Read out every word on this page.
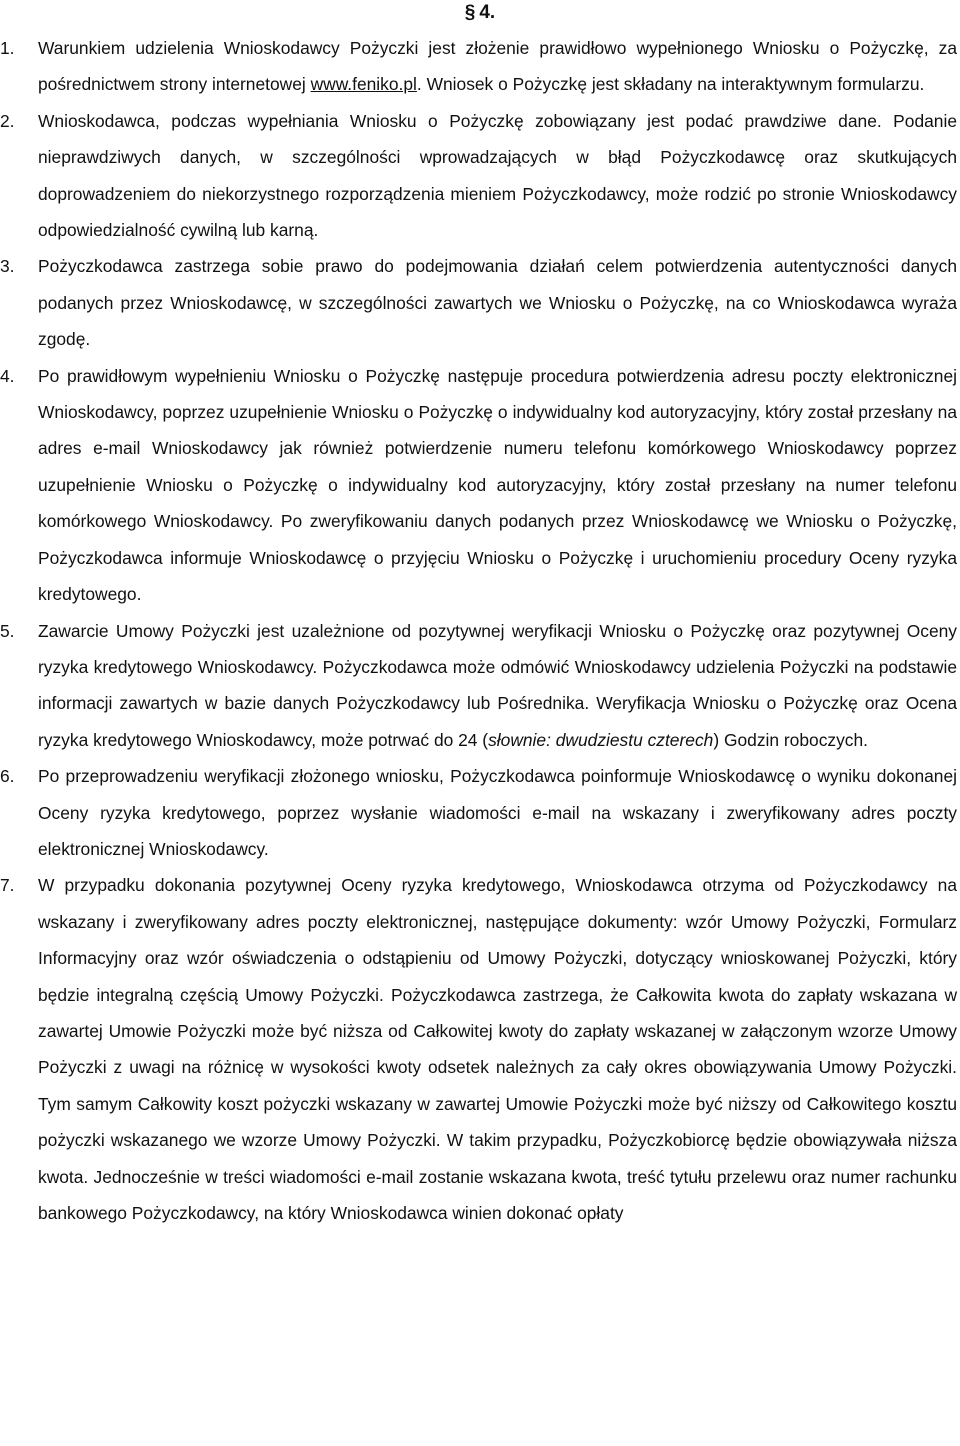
§ 4.
1. Warunkiem udzielenia Wnioskodawcy Pożyczki jest złożenie prawidłowo wypełnionego Wniosku o Pożyczkę, za pośrednictwem strony internetowej www.feniko.pl. Wniosek o Pożyczkę jest składany na interaktywnym formularzu.
2. Wnioskodawca, podczas wypełniania Wniosku o Pożyczkę zobowiązany jest podać prawdziwe dane. Podanie nieprawdziwych danych, w szczególności wprowadzających w błąd Pożyczkodawcę oraz skutkujących doprowadzeniem do niekorzystnego rozporządzenia mieniem Pożyczkodawcy, może rodzić po stronie Wnioskodawcy odpowiedzialność cywilną lub karną.
3. Pożyczkodawca zastrzega sobie prawo do podejmowania działań celem potwierdzenia autentyczności danych podanych przez Wnioskodawcę, w szczególności zawartych we Wniosku o Pożyczkę, na co Wnioskodawca wyraża zgodę.
4. Po prawidłowym wypełnieniu Wniosku o Pożyczkę następuje procedura potwierdzenia adresu poczty elektronicznej Wnioskodawcy, poprzez uzupełnienie Wniosku o Pożyczkę o indywidualny kod autoryzacyjny, który został przesłany na adres e-mail Wnioskodawcy jak również potwierdzenie numeru telefonu komórkowego Wnioskodawcy poprzez uzupełnienie Wniosku o Pożyczkę o indywidualny kod autoryzacyjny, który został przesłany na numer telefonu komórkowego Wnioskodawcy. Po zweryfikowaniu danych podanych przez Wnioskodawcę we Wniosku o Pożyczkę, Pożyczkodawca informuje Wnioskodawcę o przyjęciu Wniosku o Pożyczkę i uruchomieniu procedury Oceny ryzyka kredytowego.
5. Zawarcie Umowy Pożyczki jest uzależnione od pozytywnej weryfikacji Wniosku o Pożyczkę oraz pozytywnej Oceny ryzyka kredytowego Wnioskodawcy. Pożyczkodawca może odmówić Wnioskodawcy udzielenia Pożyczki na podstawie informacji zawartych w bazie danych Pożyczkodawcy lub Pośrednika. Weryfikacja Wniosku o Pożyczkę oraz Ocena ryzyka kredytowego Wnioskodawcy, może potrwać do 24 (słownie: dwudziestu czterech) Godzin roboczych.
6. Po przeprowadzeniu weryfikacji złożonego wniosku, Pożyczkodawca poinformuje Wnioskodawcę o wyniku dokonanej Oceny ryzyka kredytowego, poprzez wysłanie wiadomości e-mail na wskazany i zweryfikowany adres poczty elektronicznej Wnioskodawcy.
7. W przypadku dokonania pozytywnej Oceny ryzyka kredytowego, Wnioskodawca otrzyma od Pożyczkodawcy na wskazany i zweryfikowany adres poczty elektronicznej, następujące dokumenty: wzór Umowy Pożyczki, Formularz Informacyjny oraz wzór oświadczenia o odstąpieniu od Umowy Pożyczki, dotyczący wnioskowanej Pożyczki, który będzie integralną częścią Umowy Pożyczki. Pożyczkodawca zastrzega, że Całkowita kwota do zapłaty wskazana w zawartej Umowie Pożyczki może być niższa od Całkowitej kwoty do zapłaty wskazanej w załączonym wzorze Umowy Pożyczki z uwagi na różnicę w wysokości kwoty odsetek należnych za cały okres obowiązywania Umowy Pożyczki. Tym samym Całkowity koszt pożyczki wskazany w zawartej Umowie Pożyczki może być niższy od Całkowitego kosztu pożyczki wskazanego we wzorze Umowy Pożyczki. W takim przypadku, Pożyczkobiorcę będzie obowiązywała niższa kwota. Jednocześnie w treści wiadomości e-mail zostanie wskazana kwota, treść tytułu przelewu oraz numer rachunku bankowego Pożyczkodawcy, na który Wnioskodawca winien dokonać opłaty
